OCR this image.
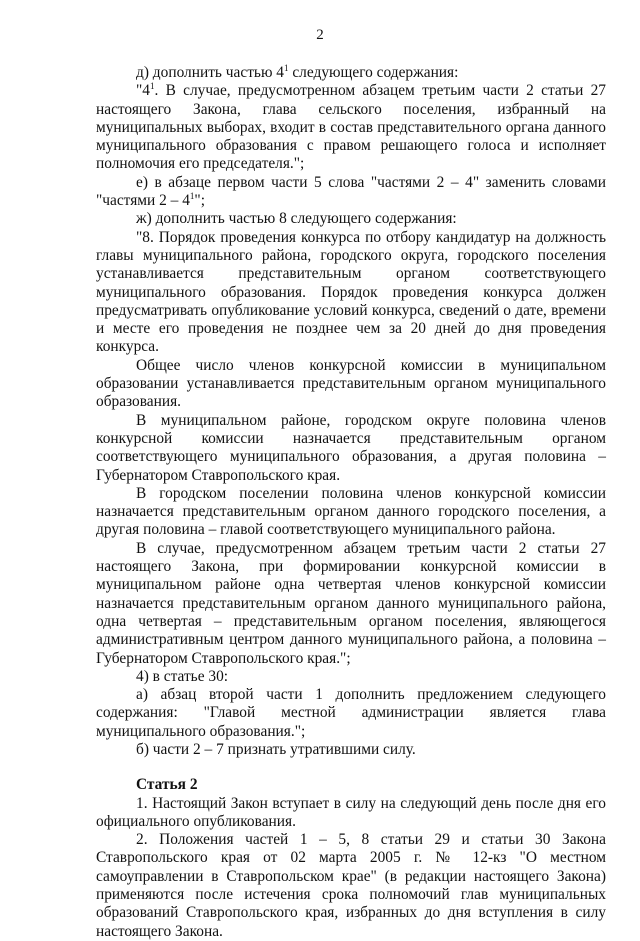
2

д) дополнить частью $4^1$ следующего содержания:

"$4^1$. В случае, предусмотренном абзацем третьим части 2 статьи 27 настоящего Закона, глава сельского поселения, избранный на муниципальных выборах, входит в состав представительного органа данного муниципального образования с правом решающего голоса и исполняет полномочия его председателя.";

е) в абзаце первом части 5 слова "частями 2 – 4" заменить словами "частями $2 - 4^1$";

ж) дополнить частью 8 следующего содержания:

"8. Порядок проведения конкурса по отбору кандидатур на должность главы муниципального района, городского округа, городского поселения устанавливается представительным органом соответствующего муниципального образования. Порядок проведения конкурса должен предусматривать опубликование условий конкурса, сведений о дате, времени и месте его проведения не позднее чем за 20 дней до дня проведения конкурса.

Общее число членов конкурсной комиссии в муниципальном образовании устанавливается представительным органом муниципального образования.

В муниципальном районе, городском округе половина членов конкурсной комиссии назначается представительным органом соответствующего муниципального образования, а другая половина – Губернатором Ставропольского края.

В городском поселении половина членов конкурсной комиссии назначается представительным органом данного городского поселения, а другая половина – главой соответствующего муниципального района.

В случае, предусмотренном абзацем третьим части 2 статьи 27 настоящего Закона, при формировании конкурсной комиссии в муниципальном районе одна четвертая членов конкурсной комиссии назначается представительным органом данного муниципального района, одна четвертая – представительным органом поселения, являющегося административным центром данного муниципального района, а половина – Губернатором Ставропольского края.";

4) в статье 30:

а) абзац второй части 1 дополнить предложением следующего содержания: "Главой местной администрации является глава муниципального образования.";

б) части 2 – 7 признать утратившими силу.

Статья 2

1. Настоящий Закон вступает в силу на следующий день после дня его официального опубликования.

2. Положения частей 1 – 5, 8 статьи 29 и статьи 30 Закона Ставропольского края от 02 марта 2005 г. № 12-кз "О местном самоуправлении в Ставропольском крае" (в редакции настоящего Закона) применяются после истечения срока полномочий глав муниципальных образований Ставропольского края, избранных до дня вступления в силу настоящего Закона.
